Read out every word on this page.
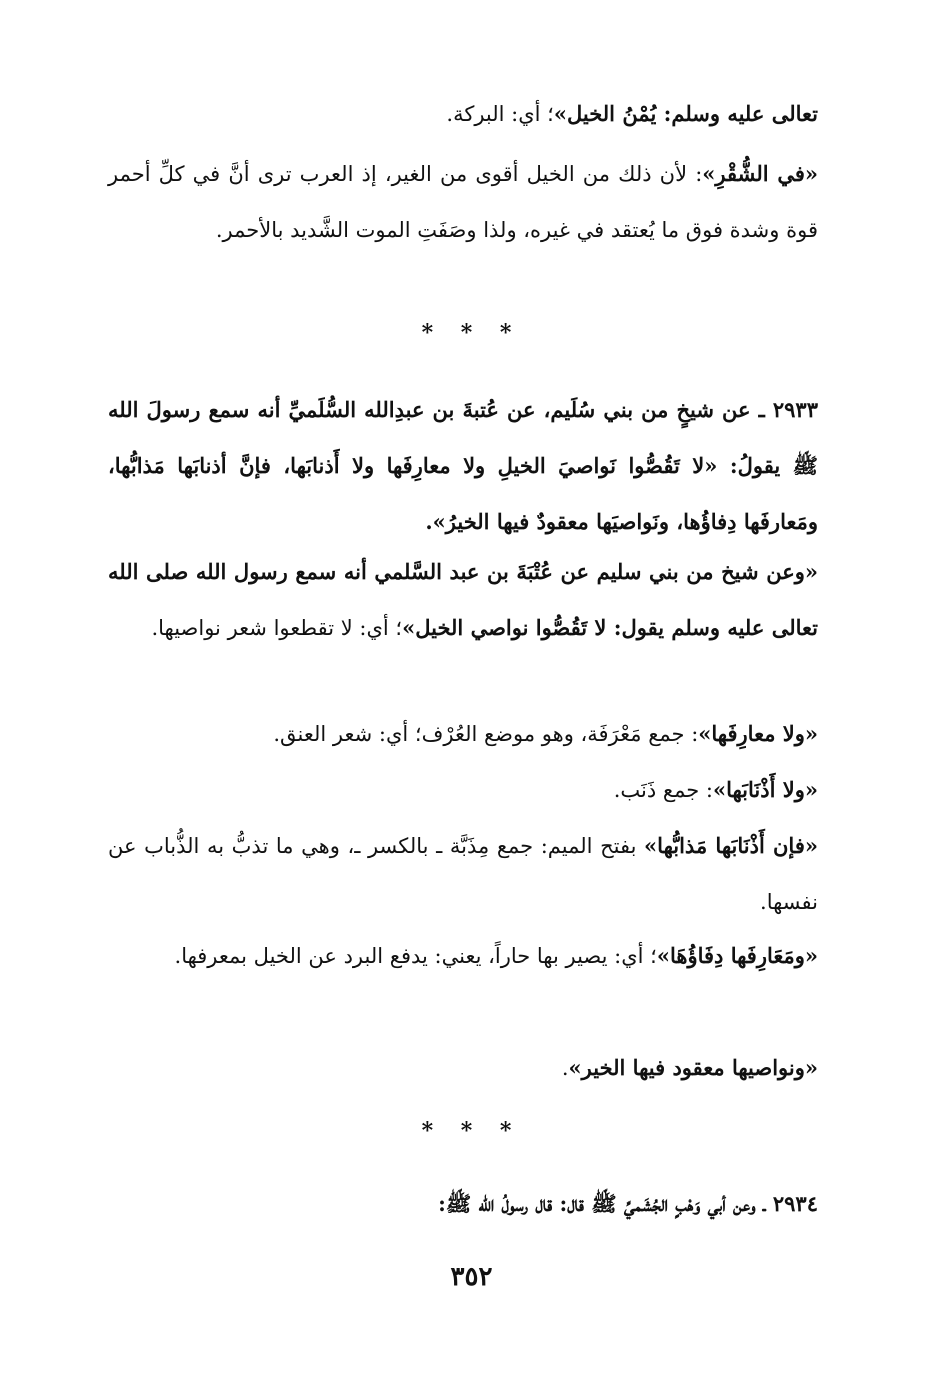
تعالى عليه وسلم: يُمْنُ الخيل»؛ أي: البركة.
«في الشُّقْرِ»: لأن ذلك من الخيل أقوى من الغير، إذ العرب ترى أنَّ في كلِّ أحمر قوة وشدة فوق ما يُعتقد في غيره، ولذا وصَفَتِ الموت الشَّديد بالأحمر.
* * *
٢٩٣٣ ـ عن شيخٍ من بني سُلَيم، عن عُتبةَ بن عبدِالله السُّلَميِّ أنه سمع رسولَ الله ﷺ يقولُ: «لا تَقُصُّوا نَواصيَ الخيلِ ولا معارِفَها ولا أَذنابَها، فإنَّ أذنابَها مَذابُّها، ومَعارفَها دِفاؤُها، ونَواصيَها معقودٌ فيها الخيرُ».
«وعن شيخ من بني سليم عن عُتْبَةَ بن عبد السَّلمي أنه سمع رسول الله صلى الله تعالى عليه وسلم يقول: لا تَقُصُّوا نواصي الخيل»؛ أي: لا تقطعوا شعر نواصيها.
«ولا معارِفَها»: جمع مَعْرَفَة، وهو موضع العُرْف؛ أي: شعر العنق.
«ولا أَذْنَابَها»: جمع ذَنَب.
«فإن أَذْنَابَها مَذابُّها» بفتح الميم: جمع مِذَبَّة ـ بالكسر ـ، وهي ما تذبُّ به الذُّباب عن نفسها.
«ومَعَارِفَها دِفَاؤُهَا»؛ أي: يصير بها حاراً، يعني: يدفع البرد عن الخيل بمعرفها.
«ونواصيها معقود فيها الخير».
* * *
٢٩٣٤ ـ وعن أبي وَهْبٍ الجُشَميِّ ﷺ قال: قال رسولُ الله ﷺ:
٣٥٢
